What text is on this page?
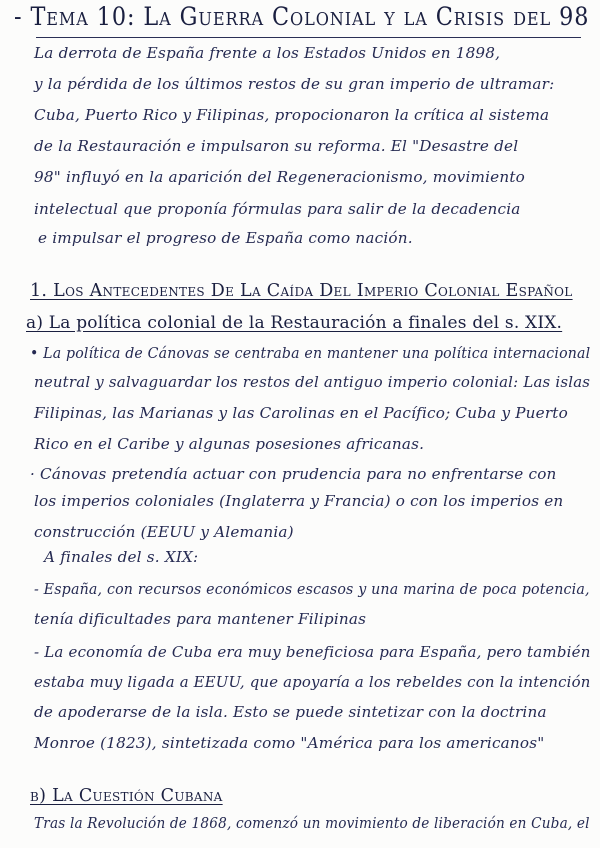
- Tema 10: La Guerra Colonial y la Crisis del 98
La derrota de España frente a los Estados Unidos en 1898,
y la pérdida de los últimos restos de su gran imperio de ultramar:
Cuba, Puerto Rico y Filipinas, propocionaron la crítica al sistema
de la Restauración e impulsaron su reforma. El "Desastre del
98" influyó en la aparición del Regeneracionismo, movimiento
intelectual que proponía fórmulas para salir de la decadencia
e impulsar el progreso de España como nación.
1. Los Antecedentes De La Caída Del Imperio Colonial Español
a) La política colonial de la Restauración a finales del s. XIX.
• La política de Cánovas se centraba en mantener una política internacional
neutral y salvaguardar los restos del antiguo imperio colonial: Las islas
Filipinas, las Marianas y las Carolinas en el Pacífico; Cuba y Puerto
Rico en el Caribe y algunas posesiones africanas.
· Cánovas pretendía actuar con prudencia para no enfrentarse con
los imperios coloniales (Inglaterra y Francia) o con los imperios en
construcción (EEUU y Alemania)
A finales del s. XIX:
- España, con recursos económicos escasos y una marina de poca potencia,
tenía dificultades para mantener Filipinas
- La economía de Cuba era muy beneficiosa para España, pero también
estaba muy ligada a EEUU, que apoyaría a los rebeldes con la intención
de apoderarse de la isla. Esto se puede sintetizar con la doctrina
Monroe (1823), sintetizada como "América para los americanos"
b) La Cuestión Cubana
Tras la Revolución de 1868, comenzó un movimiento de liberación en Cuba, el
